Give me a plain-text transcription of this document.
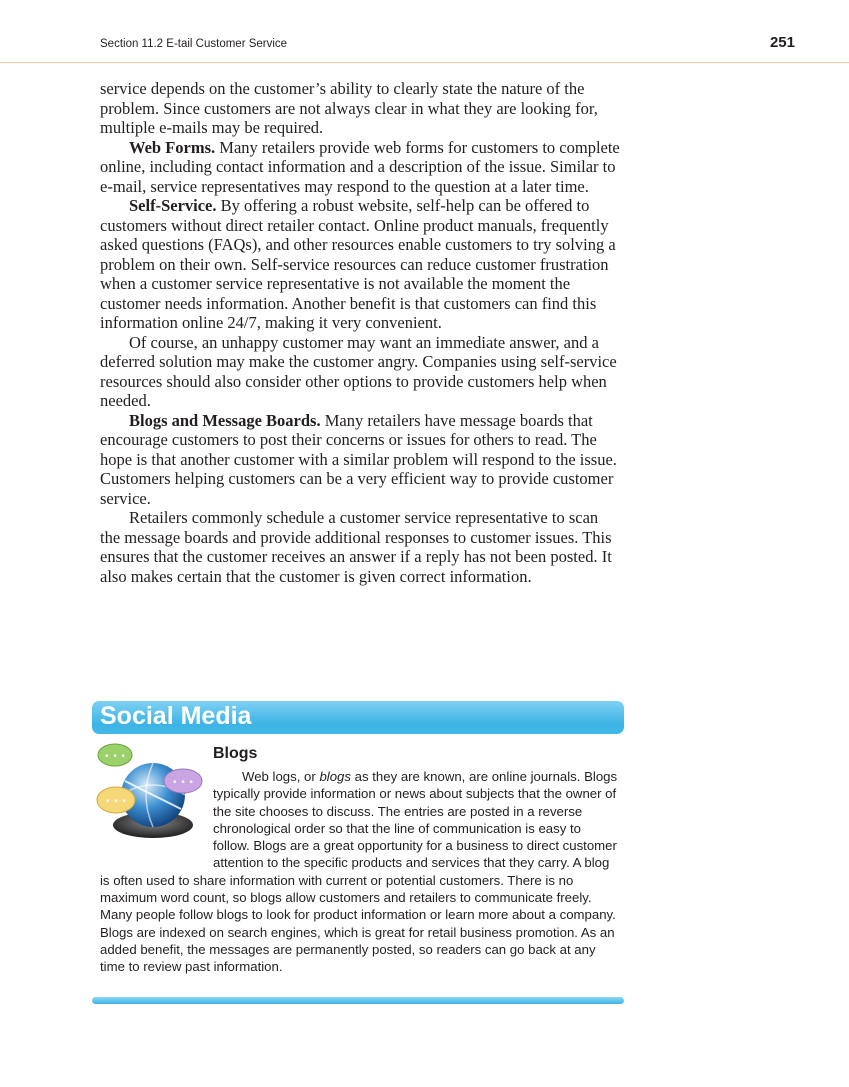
Section 11.2 E-tail Customer Service	251

service depends on the customer’s ability to clearly state the nature of the problem. Since customers are not always clear in what they are looking for, multiple e-mails may be required.

Web Forms. Many retailers provide web forms for customers to complete online, including contact information and a description of the issue. Similar to e-mail, service representatives may respond to the question at a later time.

Self-Service. By offering a robust website, self-help can be offered to customers without direct retailer contact. Online product manuals, frequently asked questions (FAQs), and other resources enable customers to try solving a problem on their own. Self-service resources can reduce customer frustration when a customer service representative is not available the moment the customer needs information. Another benefit is that customers can find this information online 24/7, making it very convenient.

Of course, an unhappy customer may want an immediate answer, and a deferred solution may make the customer angry. Companies using self-service resources should also consider other options to provide customers help when needed.

Blogs and Message Boards. Many retailers have message boards that encourage customers to post their concerns or issues for others to read. The hope is that another customer with a similar problem will respond to the issue. Customers helping customers can be a very efficient way to provide customer service.

Retailers commonly schedule a customer service representative to scan the message boards and provide additional responses to customer issues. This ensures that the customer receives an answer if a reply has not been posted. It also makes certain that the customer is given correct information.

Social Media
• • •
• • •
• • •
Blogs
Web logs, or blogs as they are known, are online journals. Blogs typically provide information or news about subjects that the owner of the site chooses to discuss. The entries are posted in a reverse chronological order so that the line of communication is easy to follow. Blogs are a great opportunity for a business to direct customer attention to the specific products and services that they carry. A blog is often used to share information with current or potential customers. There is no maximum word count, so blogs allow customers and retailers to communicate freely. Many people follow blogs to look for product information or learn more about a company. Blogs are indexed on search engines, which is great for retail business promotion. As an added benefit, the messages are permanently posted, so readers can go back at any time to review past information.
